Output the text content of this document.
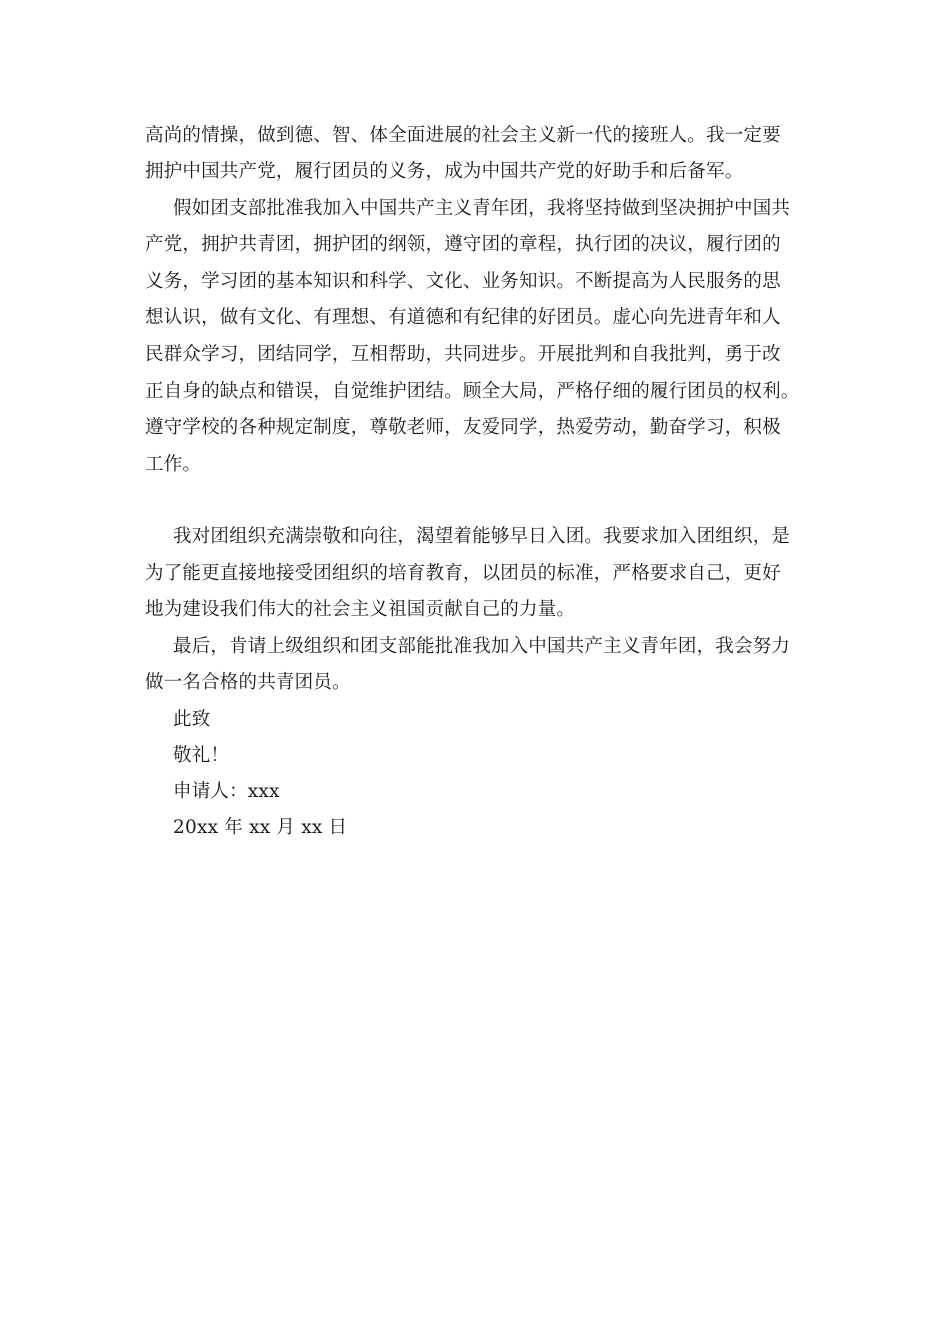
高尚的情操，做到德、智、体全面进展的社会主义新一代的接班人。我一定要
拥护中国共产党，履行团员的义务，成为中国共产党的好助手和后备军。
假如团支部批准我加入中国共产主义青年团，我将坚持做到坚决拥护中国共
产党，拥护共青团，拥护团的纲领，遵守团的章程，执行团的决议，履行团的
义务，学习团的基本知识和科学、文化、业务知识。不断提高为人民服务的思
想认识，做有文化、有理想、有道德和有纪律的好团员。虚心向先进青年和人
民群众学习，团结同学，互相帮助，共同进步。开展批判和自我批判，勇于改
正自身的缺点和错误，自觉维护团结。顾全大局，严格仔细的履行团员的权利。
遵守学校的各种规定制度，尊敬老师，友爱同学，热爱劳动，勤奋学习，积极
工作。
我对团组织充满崇敬和向往，渴望着能够早日入团。我要求加入团组织，是
为了能更直接地接受团组织的培育教育，以团员的标准，严格要求自己，更好
地为建设我们伟大的社会主义祖国贡献自己的力量。
最后，肯请上级组织和团支部能批准我加入中国共产主义青年团，我会努力
做一名合格的共青团员。
此致
敬礼！
申请人：xxx
20xx 年 xx 月 xx 日
